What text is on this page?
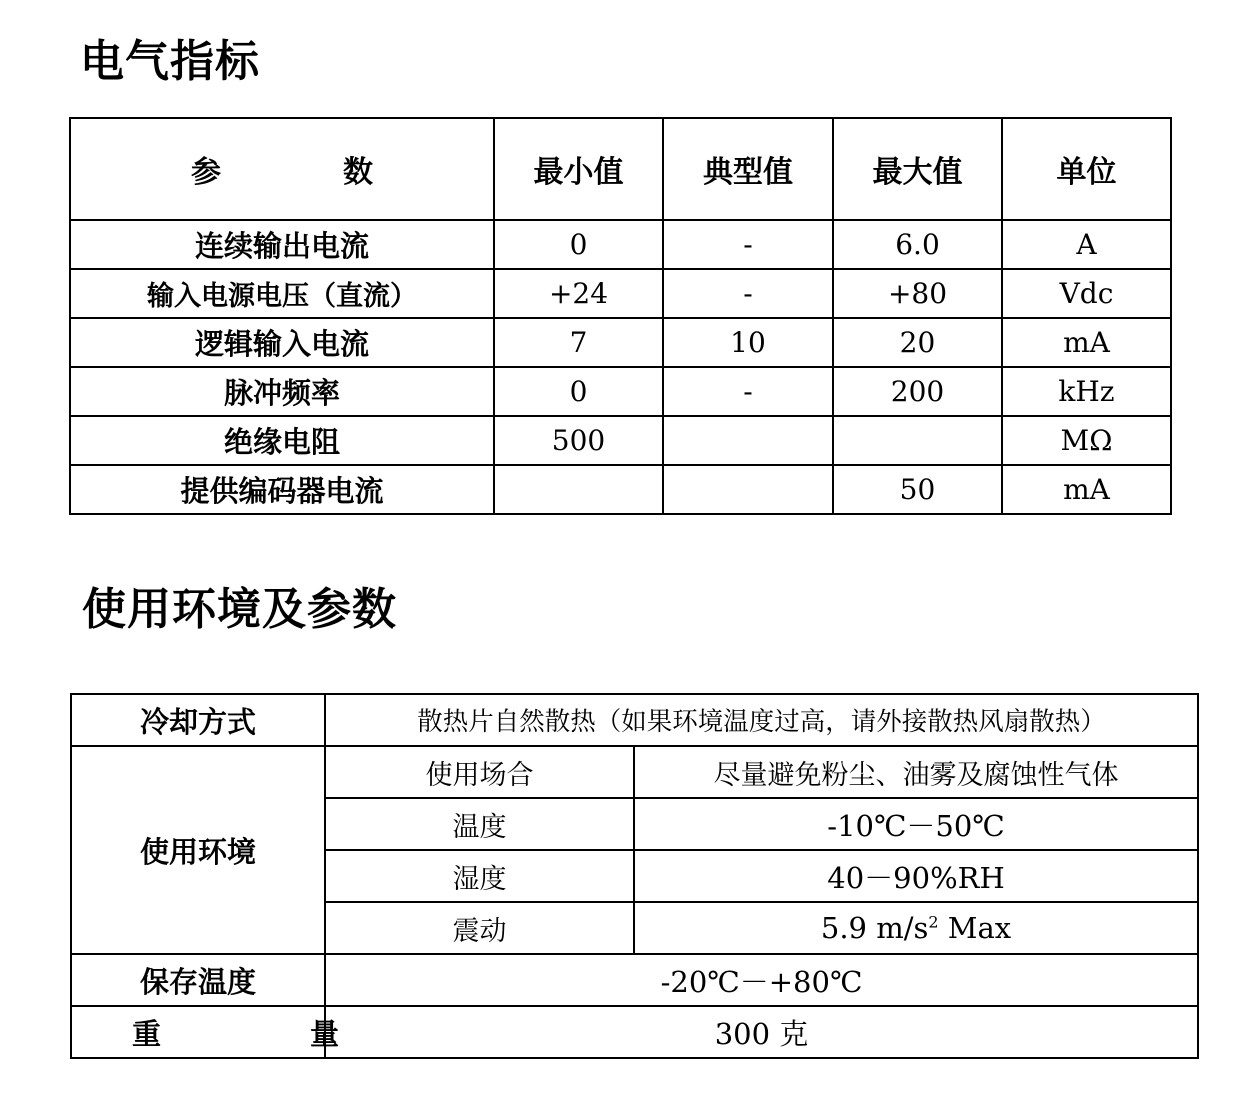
电气指标
参　数	最小值	典型值	最大值	单位
连续输出电流	0	-	6.0	A
输入电源电压（直流）	+24	-	+80	Vdc
逻辑输入电流	7	10	20	mA
脉冲频率	0	-	200	kHz
绝缘电阻	500			MΩ
提供编码器电流			50	mA
使用环境及参数
冷却方式	散热片自然散热（如果环境温度过高，请外接散热风扇散热）	
使用环境	使用场合	尽量避免粉尘、油雾及腐蚀性气体
	温度	-10℃－50℃
	湿度	40－90%RH
	震动	5.9 $m/s^2$ Max
保存温度	-20℃－+80℃	
重　量	300 克	
